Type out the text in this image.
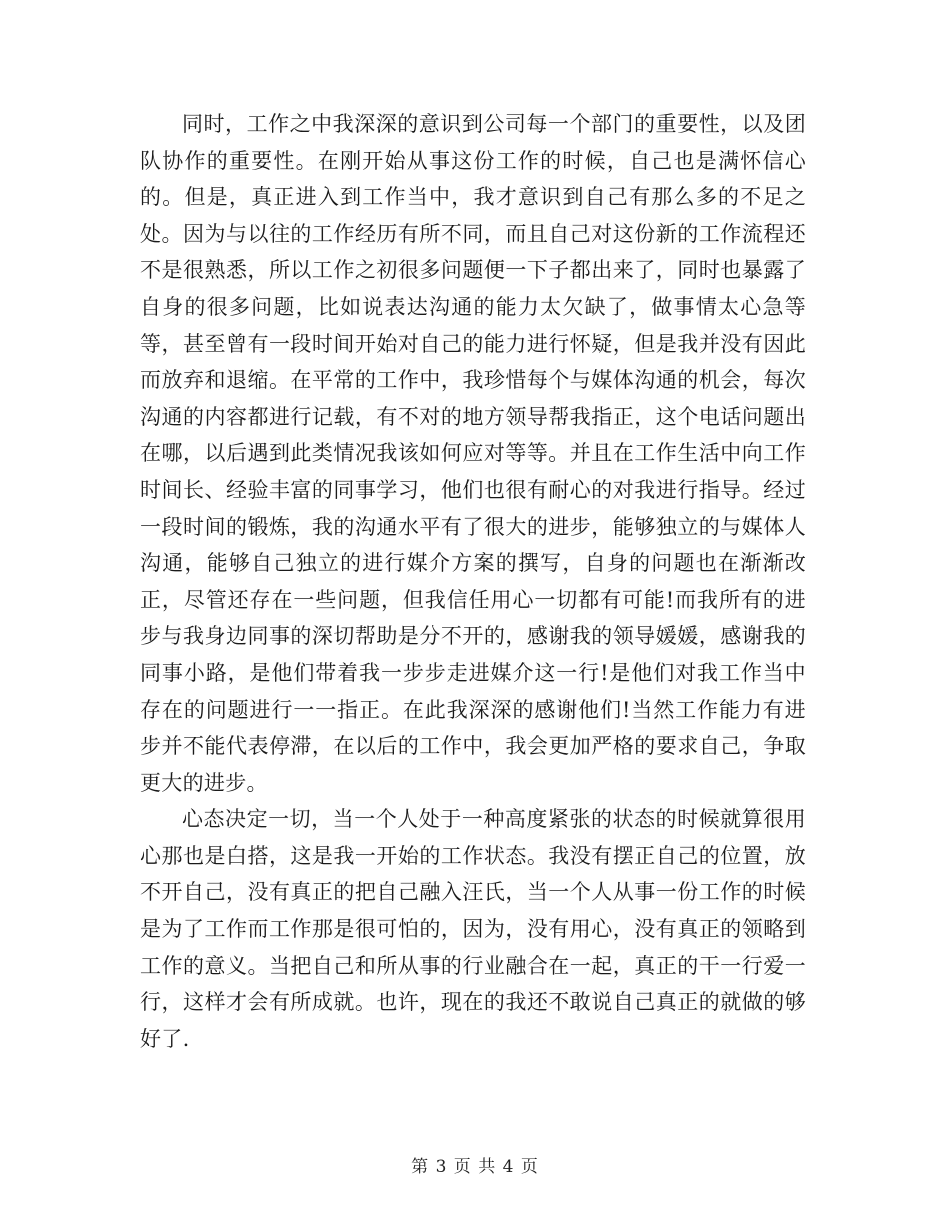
同时，工作之中我深深的意识到公司每一个部门的重要性，以及团队协作的重要性。在刚开始从事这份工作的时候，自己也是满怀信心的。但是，真正进入到工作当中，我才意识到自己有那么多的不足之处。因为与以往的工作经历有所不同，而且自己对这份新的工作流程还不是很熟悉，所以工作之初很多问题便一下子都出来了，同时也暴露了自身的很多问题，比如说表达沟通的能力太欠缺了，做事情太心急等等，甚至曾有一段时间开始对自己的能力进行怀疑，但是我并没有因此而放弃和退缩。在平常的工作中，我珍惜每个与媒体沟通的机会，每次沟通的内容都进行记载，有不对的地方领导帮我指正，这个电话问题出在哪，以后遇到此类情况我该如何应对等等。并且在工作生活中向工作时间长、经验丰富的同事学习，他们也很有耐心的对我进行指导。经过一段时间的锻炼，我的沟通水平有了很大的进步，能够独立的与媒体人沟通，能够自己独立的进行媒介方案的撰写，自身的问题也在渐渐改正，尽管还存在一些问题，但我信任用心一切都有可能!而我所有的进步与我身边同事的深切帮助是分不开的，感谢我的领导媛媛，感谢我的同事小路，是他们带着我一步步走进媒介这一行!是他们对我工作当中存在的问题进行一一指正。在此我深深的感谢他们!当然工作能力有进步并不能代表停滞，在以后的工作中，我会更加严格的要求自己，争取更大的进步。

心态决定一切，当一个人处于一种高度紧张的状态的时候就算很用心那也是白搭，这是我一开始的工作状态。我没有摆正自己的位置，放不开自己，没有真正的把自己融入汪氏，当一个人从事一份工作的时候是为了工作而工作那是很可怕的，因为，没有用心，没有真正的领略到工作的意义。当把自己和所从事的行业融合在一起，真正的干一行爱一行，这样才会有所成就。也许，现在的我还不敢说自己真正的就做的够好了.

第 3 页 共 4 页
